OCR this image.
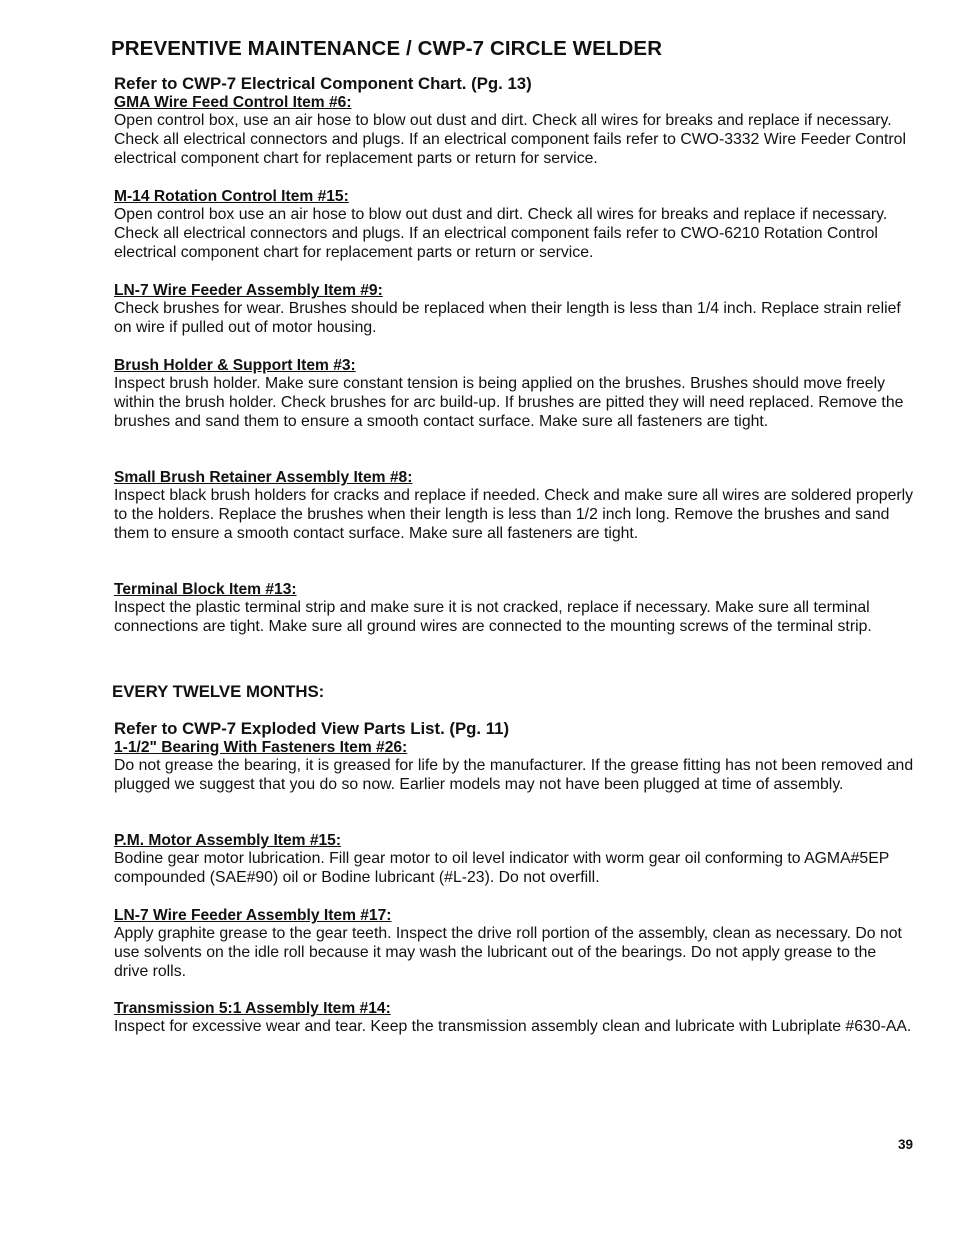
PREVENTIVE MAINTENANCE / CWP-7 CIRCLE WELDER

Refer to CWP-7 Electrical Component Chart. (Pg. 13)

GMA Wire Feed Control Item #6:

Open control box, use an air hose to blow out dust and dirt. Check all wires for breaks and replace if necessary. Check all electrical connectors and plugs. If an electrical component fails refer to CWO-3332 Wire Feeder Control electrical component chart for replacement parts or return for service.

M-14 Rotation Control Item #15:

Open control box use an air hose to blow out dust and dirt. Check all wires for breaks and replace if necessary. Check all electrical connectors and plugs. If an electrical component fails refer to CWO-6210 Rotation Control electrical component chart for replacement parts or return or service.

LN-7 Wire Feeder Assembly Item #9:

Check brushes for wear. Brushes should be replaced when their length is less than 1/4 inch. Replace strain relief on wire if pulled out of motor housing.

Brush Holder & Support Item #3:

Inspect brush holder. Make sure constant tension is being applied on the brushes. Brushes should move freely within the brush holder. Check brushes for arc build-up. If brushes are pitted they will need replaced. Remove the brushes and sand them to ensure a smooth contact surface. Make sure all fasteners are tight.

Small Brush Retainer Assembly Item #8:

Inspect black brush holders for cracks and replace if needed. Check and make sure all wires are soldered properly to the holders. Replace the brushes when their length is less than 1/2 inch long. Remove the brushes and sand them to ensure a smooth contact surface. Make sure all fasteners are tight.

Terminal Block Item #13:

Inspect the plastic terminal strip and make sure it is not cracked, replace if necessary. Make sure all terminal connections are tight. Make sure all ground wires are connected to the mounting screws of the terminal strip.

EVERY TWELVE MONTHS:

Refer to CWP-7 Exploded View Parts List. (Pg. 11)

1-1/2" Bearing With Fasteners Item #26:

Do not grease the bearing, it is greased for life by the manufacturer. If the grease fitting has not been removed and plugged we suggest that you do so now. Earlier models may not have been plugged at time of assembly.

P.M. Motor Assembly Item #15:

Bodine gear motor lubrication. Fill gear motor to oil level indicator with worm gear oil conforming to AGMA#5EP compounded (SAE#90) oil or Bodine lubricant (#L-23). Do not overfill.

LN-7 Wire Feeder Assembly Item #17:

Apply graphite grease to the gear teeth. Inspect the drive roll portion of the assembly, clean as necessary. Do not use solvents on the idle roll because it may wash the lubricant out of the bearings. Do not apply grease to the drive rolls.

Transmission 5:1 Assembly Item #14:

Inspect for excessive wear and tear. Keep the transmission assembly clean and lubricate with Lubriplate #630-AA.

39
